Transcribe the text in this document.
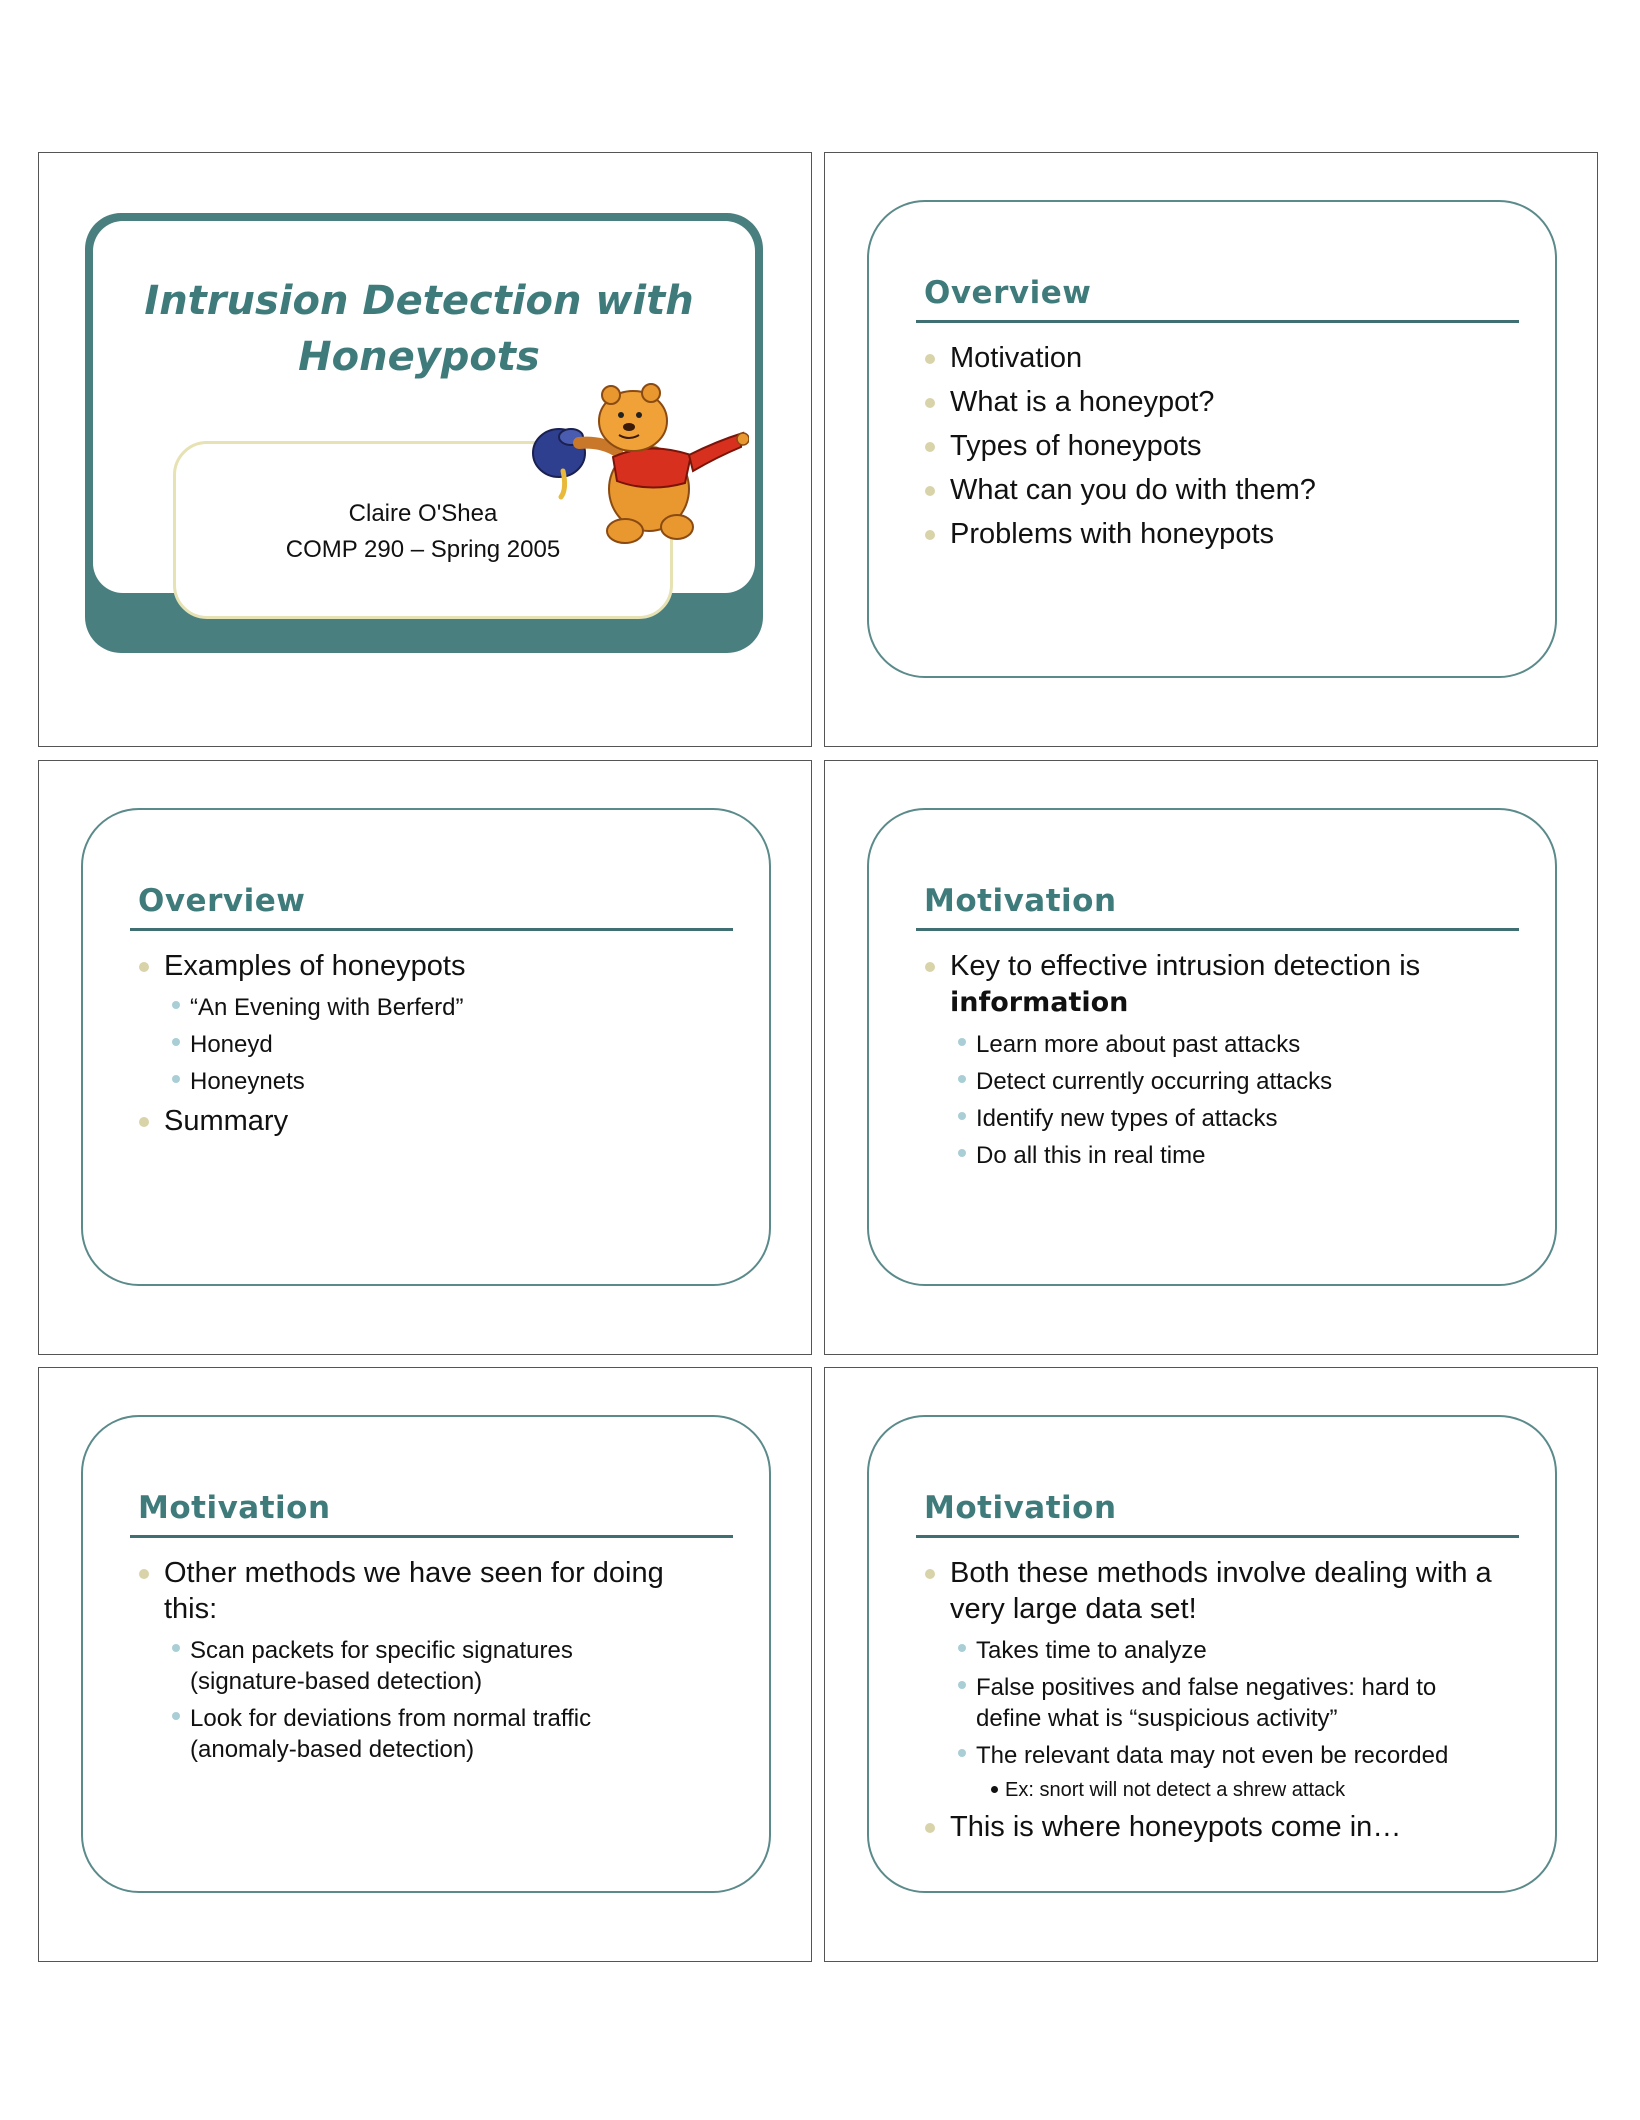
Intrusion Detection with Honeypots
Claire O'Shea
COMP 290 – Spring 2005
Overview
Motivation
What is a honeypot?
Types of honeypots
What can you do with them?
Problems with honeypots
Overview
Examples of honeypots
“An Evening with Berferd”
Honeyd
Honeynets
Summary
Motivation
Key to effective intrusion detection is
information
Learn more about past attacks
Detect currently occurring attacks
Identify new types of attacks
Do all this in real time
Motivation
Other methods we have seen for doing this:
Scan packets for specific signatures (signature-based detection)
Look for deviations from normal traffic (anomaly-based detection)
Motivation
Both these methods involve dealing with a very large data set!
Takes time to analyze
False positives and false negatives: hard to define what is “suspicious activity”
The relevant data may not even be recorded
Ex: snort will not detect a shrew attack
This is where honeypots come in…
